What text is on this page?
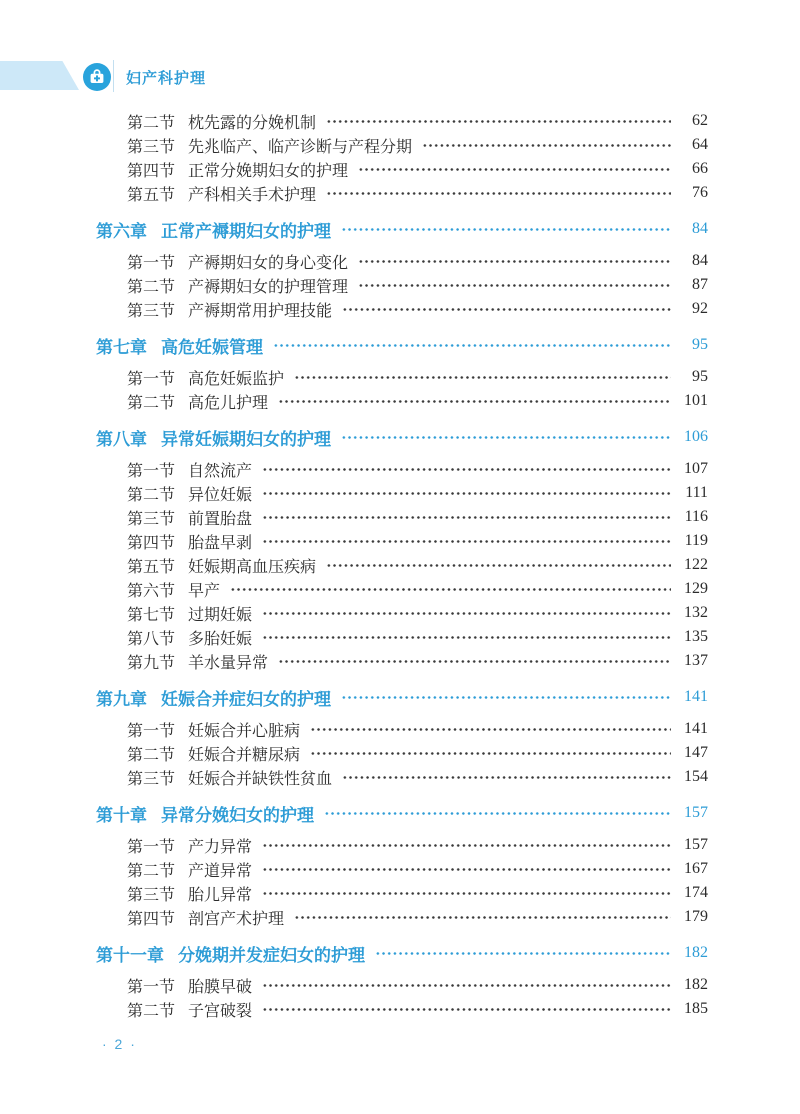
妇产科护理
第二节 枕先露的分娩机制	62
第三节 先兆临产、临产诊断与产程分期	64
第四节 正常分娩期妇女的护理	66
第五节 产科相关手术护理	76
第六章 正常产褥期妇女的护理	84
第一节 产褥期妇女的身心变化	84
第二节 产褥期妇女的护理管理	87
第三节 产褥期常用护理技能	92
第七章 高危妊娠管理	95
第一节 高危妊娠监护	95
第二节 高危儿护理	101
第八章 异常妊娠期妇女的护理	106
第一节 自然流产	107
第二节 异位妊娠	111
第三节 前置胎盘	116
第四节 胎盘早剥	119
第五节 妊娠期高血压疾病	122
第六节 早产	129
第七节 过期妊娠	132
第八节 多胎妊娠	135
第九节 羊水量异常	137
第九章 妊娠合并症妇女的护理	141
第一节 妊娠合并心脏病	141
第二节 妊娠合并糖尿病	147
第三节 妊娠合并缺铁性贫血	154
第十章 异常分娩妇女的护理	157
第一节 产力异常	157
第二节 产道异常	167
第三节 胎儿异常	174
第四节 剖宫产术护理	179
第十一章 分娩期并发症妇女的护理	182
第一节 胎膜早破	182
第二节 子宫破裂	185
· 2 ·
